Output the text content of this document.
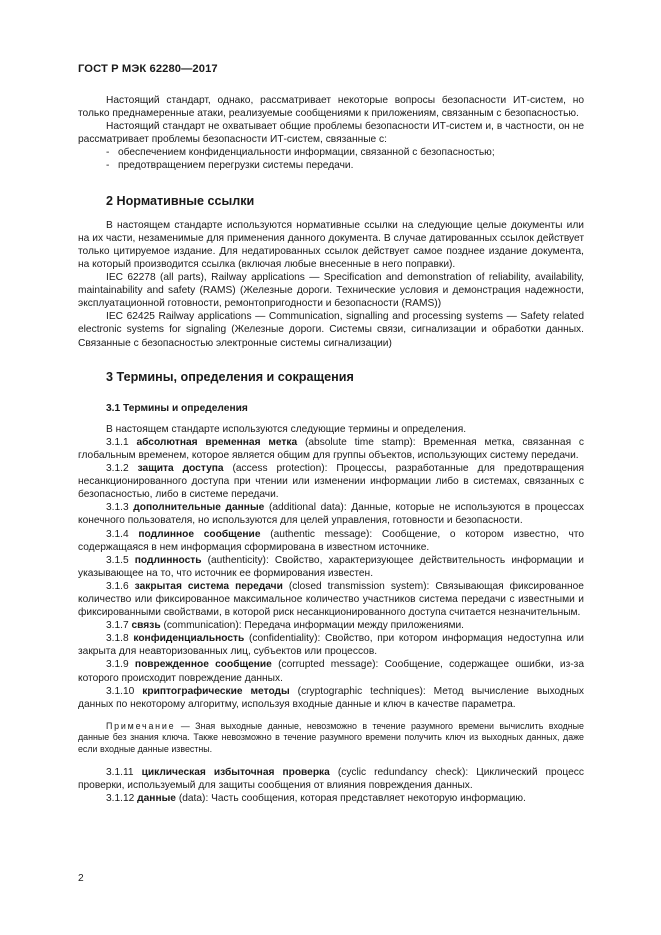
ГОСТ Р МЭК 62280—2017

Настоящий стандарт, однако, рассматривает некоторые вопросы безопасности ИТ-систем, но только преднамеренные атаки, реализуемые сообщениями к приложениям, связанным с безопасностью.

Настоящий стандарт не охватывает общие проблемы безопасности ИТ-систем и, в частности, он не рассматривает проблемы безопасности ИТ-систем, связанные с:

- обеспечением конфиденциальности информации, связанной с безопасностью;
- предотвращением перегрузки системы передачи.
2 Нормативные ссылки

В настоящем стандарте используются нормативные ссылки на следующие целые документы или на их части, незаменимые для применения данного документа. В случае датированных ссылок действует только цитируемое издание. Для недатированных ссылок действует самое позднее издание документа, на который производится ссылка (включая любые внесенные в него поправки).

IEC 62278 (all parts), Railway applications — Specification and demonstration of reliability, availability, maintainability and safety (RAMS) (Железные дороги. Технические условия и демонстрация надежности, эксплуатационной готовности, ремонтопригодности и безопасности (RAMS))

IEC 62425 Railway applications — Communication, signalling and processing systems — Safety related electronic systems for signaling (Железные дороги. Системы связи, сигнализации и обработки данных. Связанные с безопасностью электронные системы сигнализации)

3 Термины, определения и сокращения
3.1 Термины и определения

В настоящем стандарте используются следующие термины и определения.

3.1.1 абсолютная временная метка (absolute time stamp): Временная метка, связанная с глобальным временем, которое является общим для группы объектов, использующих систему передачи.

3.1.2 защита доступа (access protection): Процессы, разработанные для предотвращения несанкционированного доступа при чтении или изменении информации либо в системах, связанных с безопасностью, либо в системе передачи.

3.1.3 дополнительные данные (additional data): Данные, которые не используются в процессах конечного пользователя, но используются для целей управления, готовности и безопасности.

3.1.4 подлинное сообщение (authentic message): Сообщение, о котором известно, что содержащаяся в нем информация сформирована в известном источнике.

3.1.5 подлинность (authenticity): Свойство, характеризующее действительность информации и указывающее на то, что источник ее формирования известен.

3.1.6 закрытая система передачи (closed transmission system): Связывающая фиксированное количество или фиксированное максимальное количество участников система передачи с известными и фиксированными свойствами, в которой риск несанкционированного доступа считается незначительным.

3.1.7 связь (communication): Передача информации между приложениями.

3.1.8 конфиденциальность (confidentiality): Свойство, при котором информация недоступна или закрыта для неавторизованных лиц, субъектов или процессов.

3.1.9 поврежденное сообщение (corrupted message): Сообщение, содержащее ошибки, из-за которого происходит повреждение данных.

3.1.10 криптографические методы (cryptographic techniques): Метод вычисление выходных данных по некоторому алгоритму, используя входные данные и ключ в качестве параметра.

Примечание — Зная выходные данные, невозможно в течение разумного времени вычислить входные данные без знания ключа. Также невозможно в течение разумного времени получить ключ из выходных данных, даже если входные данные известны.

3.1.11 циклическая избыточная проверка (cyclic redundancy check): Циклический процесс проверки, используемый для защиты сообщения от влияния повреждения данных.

3.1.12 данные (data): Часть сообщения, которая представляет некоторую информацию.

2
